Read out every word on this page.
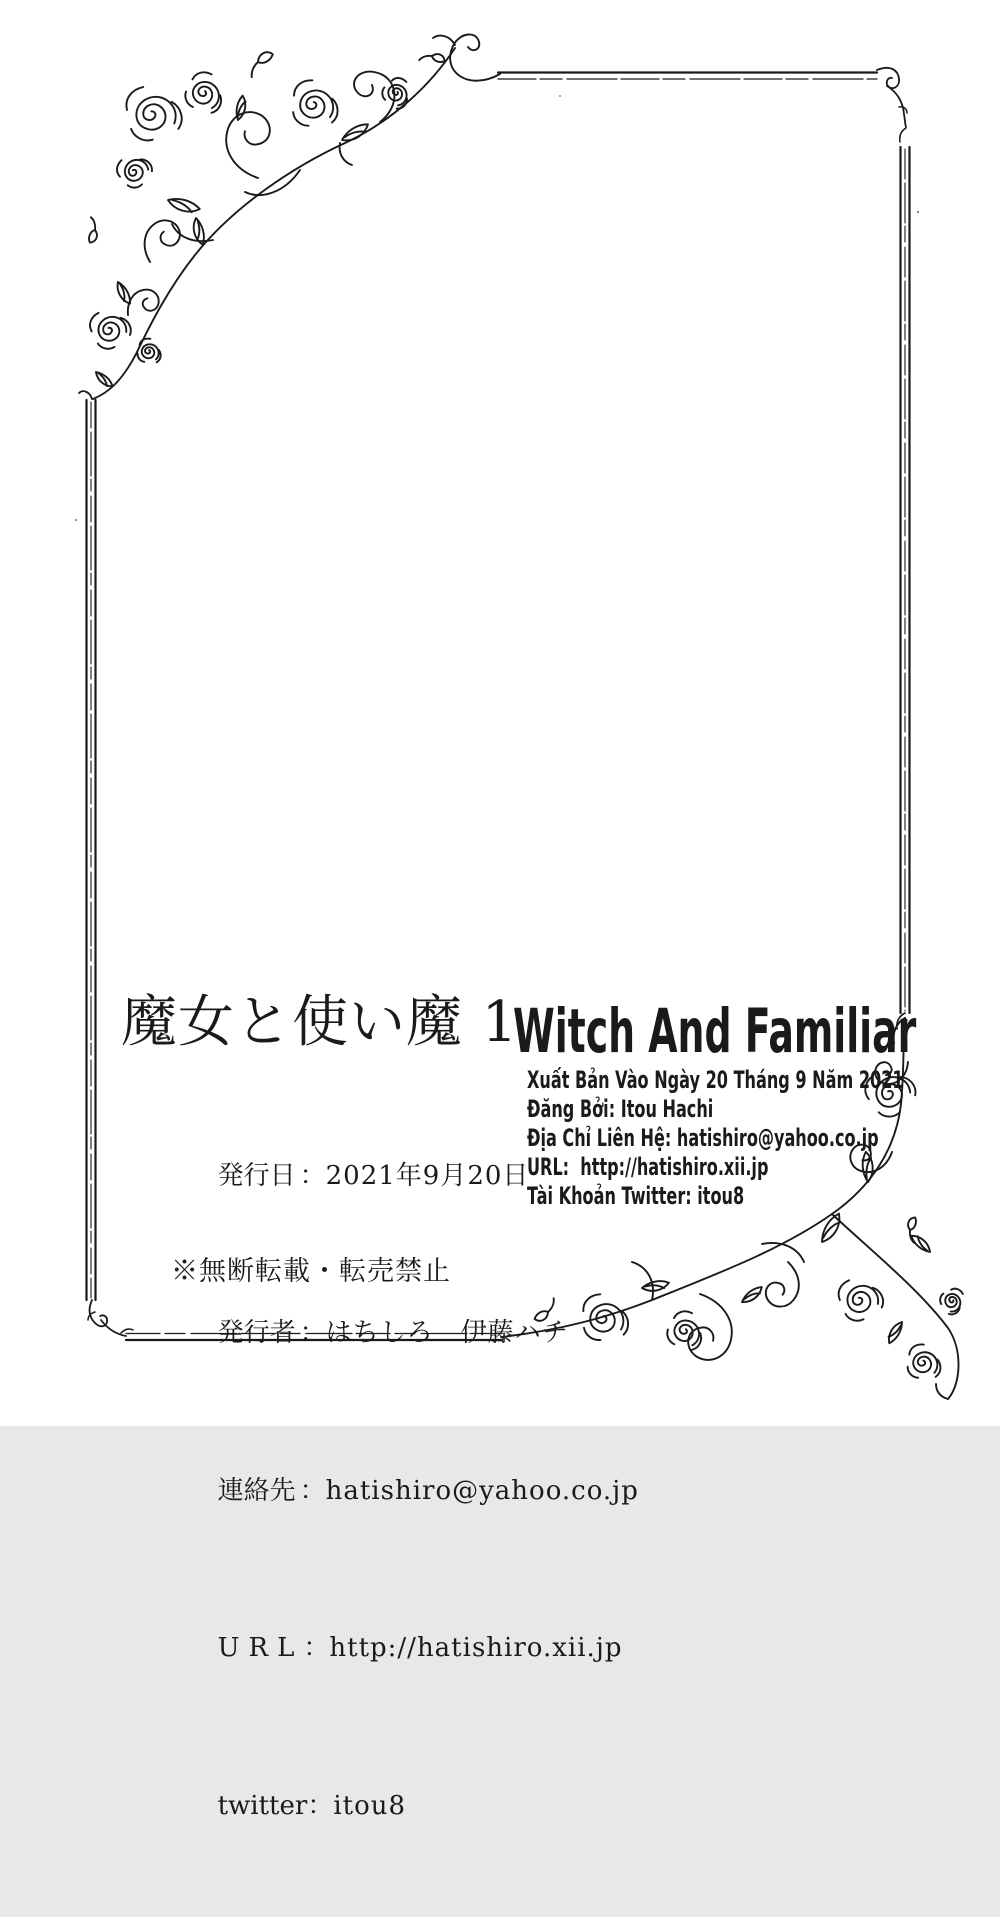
魔女と使い魔 1
Witch And Familiar

発行日 ：2021年9月20日

発行者 ：はちしろ　伊藤ハチ

連絡先 ：hatishiro@yahoo.co.jp

URL：http://hatishiro.xii.jp

twitter：itou8

Xuất Bản Vào Ngày 20 Tháng 9 Năm 2021
Đăng Bởi: Itou Hachi
Địa Chỉ Liên Hệ: hatishiro@yahoo.co.jp
URL:  http://hatishiro.xii.jp
Tài Khoản Twitter: itou8
※無断転載・転売禁止
